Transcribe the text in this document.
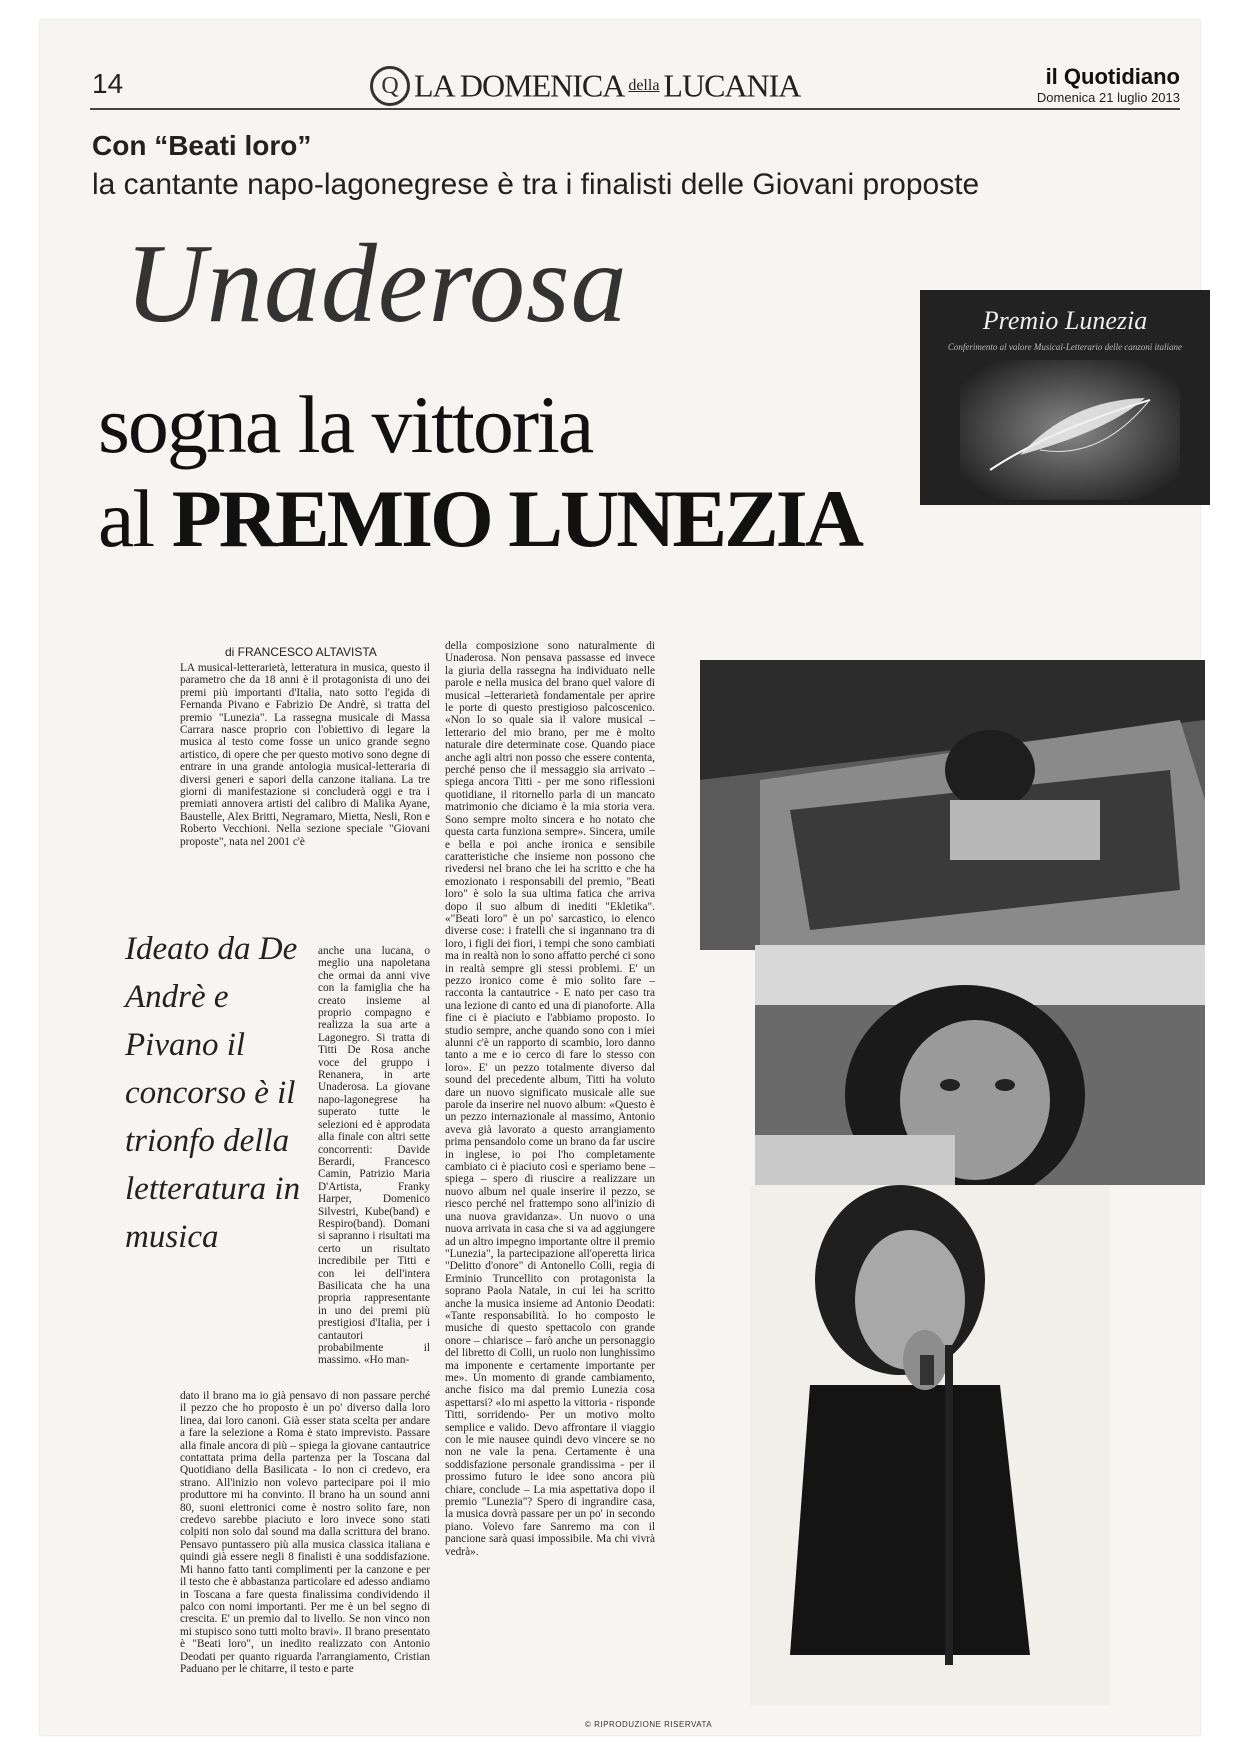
14	Q LA DOMENICA della LUCANIA	il Quotidiano
Domenica 21 luglio 2013
Con “Beati loro”
la cantante napo-lagonegrese è tra i finalisti delle Giovani proposte
Unaderosa
sogna la vittoria
al PREMIO LUNEZIA
Premio Lunezia
Conferimento al valore Musical-Letterario delle canzoni italiane
di FRANCESCO ALTAVISTA
LA musical-letterarietà, letteratura in musica, questo il parametro che da 18 anni è il protagonista di uno dei premi più importanti d'Italia, nato sotto l'egida di Fernanda Pivano e Fabrizio De Andrè, si tratta del premio "Lunezia". La rassegna musicale di Massa Carrara nasce proprio con l'obiettivo di legare la musica al testo come fosse un unico grande segno artistico, di opere che per questo motivo sono degne di entrare in una grande antologia musical-letteraria di diversi generi e sapori della canzone italiana. La tre giorni di manifestazione si concluderà oggi e tra i premiati annovera artisti del calibro di Malika Ayane, Baustelle, Alex Britti, Negramaro, Mietta, Nesli, Ron e Roberto Vecchioni. Nella sezione speciale "Giovani proposte", nata nel 2001 c'è
Ideato da De Andrè e Pivano il concorso è il trionfo della letteratura in musica
anche una lucana, o meglio una napoletana che ormai da anni vive con la famiglia che ha creato insieme al proprio compagno e realizza la sua arte a Lagonegro. Si tratta di Titti De Rosa anche voce del gruppo i Renanera, in arte Unaderosa. La giovane napo-lagonegrese ha superato tutte le selezioni ed è approdata alla finale con altri sette concorrenti: Davide Berardi, Francesco Camin, Patrizio Maria D'Artista, Franky Harper, Domenico Silvestri, Kube(band) e Respiro(band). Domani si sapranno i risultati ma certo un risultato incredibile per Titti e con lei dell'intera Basilicata che ha una propria rappresentante in uno dei premi più prestigiosi d'Italia, per i cantautori probabilmente il massimo. «Ho man-
dato il brano ma io già pensavo di non passare perché il pezzo che ho proposto è un po' diverso dalla loro linea, dai loro canoni. Già esser stata scelta per andare a fare la selezione a Roma è stato imprevisto. Passare alla finale ancora di più – spiega la giovane cantautrice contattata prima della partenza per la Toscana dal Quotidiano della Basilicata - Io non ci credevo, era strano. All'inizio non volevo partecipare poi il mio produttore mi ha convinto. Il brano ha un sound anni 80, suoni elettronici come è nostro solito fare, non credevo sarebbe piaciuto e loro invece sono stati colpiti non solo dal sound ma dalla scrittura del brano. Pensavo puntassero più alla musica classica italiana e quindi già essere negli 8 finalisti è una soddisfazione. Mi hanno fatto tanti complimenti per la canzone e per il testo che è abbastanza particolare ed adesso andiamo in Toscana a fare questa finalissima condividendo il palco con nomi importanti. Per me è un bel segno di crescita. E' un premio dal to livello. Se non vinco non mi stupisco sono tutti molto bravi». Il brano presentato è "Beati loro", un inedito realizzato con Antonio Deodati per quanto riguarda l'arrangiamento, Cristian Paduano per le chitarre, il testo e parte
della composizione sono naturalmente di Unaderosa. Non pensava passasse ed invece la giuria della rassegna ha individuato nelle parole e nella musica del brano quel valore di musical –letterarietà fondamentale per aprire le porte di questo prestigioso palcoscenico. «Non lo so quale sia il valore musical –letterario del mio brano, per me è molto naturale dire determinate cose. Quando piace anche agli altri non posso che essere contenta, perché penso che il messaggio sia arrivato – spiega ancora Titti - per me sono riflessioni quotidiane, il ritornello parla di un mancato matrimonio che diciamo è la mia storia vera. Sono sempre molto sincera e ho notato che questa carta funziona sempre». Sincera, umile e bella e poi anche ironica e sensibile caratteristiche che insieme non possono che rivedersi nel brano che lei ha scritto e che ha emozionato i responsabili del premio, "Beati loro" è solo la sua ultima fatica che arriva dopo il suo album di inediti "Ekletika". «"Beati loro" è un po' sarcastico, io elenco diverse cose: i fratelli che si ingannano tra di loro, i figli dei fiori, i tempi che sono cambiati ma in realtà non lo sono affatto perché ci sono in realtà sempre gli stessi problemi. E' un pezzo ironico come è mio solito fare – racconta la cantautrice - E nato per caso tra una lezione di canto ed una di pianoforte. Alla fine ci è piaciuto e l'abbiamo proposto. Io studio sempre, anche quando sono con i miei alunni c'è un rapporto di scambio, loro danno tanto a me e io cerco di fare lo stesso con loro». E' un pezzo totalmente diverso dal sound del precedente album, Titti ha voluto dare un nuovo significato musicale alle sue parole da inserire nel nuovo album: «Questo è un pezzo internazionale al massimo, Antonio aveva già lavorato a questo arrangiamento prima pensandolo come un brano da far uscire in inglese, io poi l'ho completamente cambiato ci è piaciuto così e speriamo bene – spiega – spero di riuscire a realizzare un nuovo album nel quale inserire il pezzo, se riesco perché nel frattempo sono all'inizio di una nuova gravidanza». Un nuovo o una nuova arrivata in casa che si va ad aggiungere ad un altro impegno importante oltre il premio "Lunezia", la partecipazione all'operetta lirica "Delitto d'onore" di Antonello Colli, regia di Erminio Truncellito con protagonista la soprano Paola Natale, in cui lei ha scritto anche la musica insieme ad Antonio Deodati: «Tante responsabilità. Io ho composto le musiche di questo spettacolo con grande onore – chiarisce – farò anche un personaggio del libretto di Colli, un ruolo non lunghissimo ma imponente e certamente importante per me». Un momento di grande cambiamento, anche fisico ma dal premio Lunezia cosa aspettarsi? «Io mi aspetto la vittoria - risponde Titti, sorridendo- Per un motivo molto semplice e valido. Devo affrontare il viaggio con le mie nausee quindi devo vincere se no non ne vale la pena. Certamente è una soddisfazione personale grandissima - per il prossimo futuro le idee sono ancora più chiare, conclude – La mia aspettativa dopo il premio "Lunezia"? Spero di ingrandire casa, la musica dovrà passare per un po' in secondo piano. Volevo fare Sanremo ma con il pancione sarà quasi impossibile. Ma chi vivrà vedrà».
© RIPRODUZIONE RISERVATA
